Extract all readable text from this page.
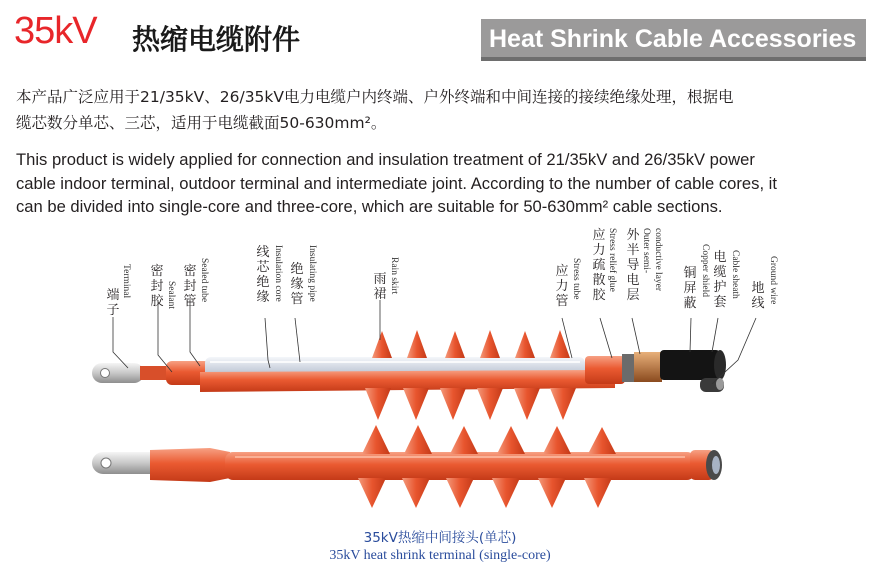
35kV 热缩电缆附件	Heat Shrink Cable Accessories
本产品广泛应用于21/35kV、26/35kV电力电缆户内终端、户外终端和中间连接的接续绝缘处理，根据电
缆芯数分单芯、三芯，适用于电缆截面50-630mm²。
This product is widely applied for connection and insulation treatment of 21/35kV and 26/35kV power
cable indoor terminal, outdoor terminal and intermediate joint. According to the number of cable cores, it
can be divided into single-core and three-core, which are suitable for 50-630mm² cable sections.
端子
Terminal 密封胶 Sealant
密封管 Sealed tube
线芯绝缘 Insulation core 绝缘管 Insulating pipe	雨裙
Rain skirt	应力管
Stress tube
应力疏散胶
Stress relief glue 外半导电层
Outer semi- conductive layer 铜屏蔽
Copper shield 电缆护套
Cable sheath 地线 Ground wire
35kV热缩中间接头(单芯)
35kV heat shrink terminal (single-core)
